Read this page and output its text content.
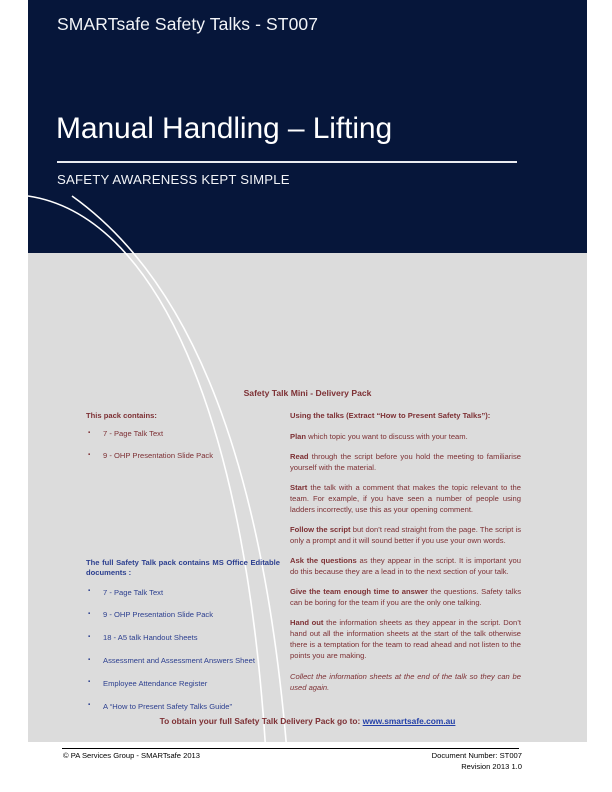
SMARTsafe Safety Talks - ST007
Manual Handling – Lifting
SAFETY AWARENESS KEPT SIMPLE
Safety Talk Mini - Delivery Pack

This pack contains:

▪ 7 - Page Talk Text
▪ 9 - OHP Presentation Slide Pack

The full Safety Talk pack contains MS Office Editable documents :

▪ 7 - Page Talk Text
▪ 9 - OHP Presentation Slide Pack
▪ 18 - A5 talk Handout Sheets
▪ Assessment and Assessment Answers Sheet
▪ Employee Attendance Register
▪ A “How to Present Safety Talks Guide”

Using the talks (Extract “How to Present Safety Talks”):

Plan which topic you want to discuss with your team.

Read through the script before you hold the meeting to familiarise yourself with the material.

Start the talk with a comment that makes the topic relevant to the team. For example, if you have seen a number of people using ladders incorrectly, use this as your opening comment.

Follow the script but don’t read straight from the page. The script is only a prompt and it will sound better if you use your own words.

Ask the questions as they appear in the script. It is important you do this because they are a lead in to the next section of your talk.

Give the team enough time to answer the questions. Safety talks can be boring for the team if you are the only one talking.

Hand out the information sheets as they appear in the script. Don’t hand out all the information sheets at the start of the talk otherwise there is a temptation for the team to read ahead and not listen to the points you are making.

Collect the information sheets at the end of the talk so they can be used again.

To obtain your full Safety Talk Delivery Pack go to: www.smartsafe.com.au
© PA Services Group - SMARTsafe 2013	Document Number: ST007
Revision 2013 1.0
